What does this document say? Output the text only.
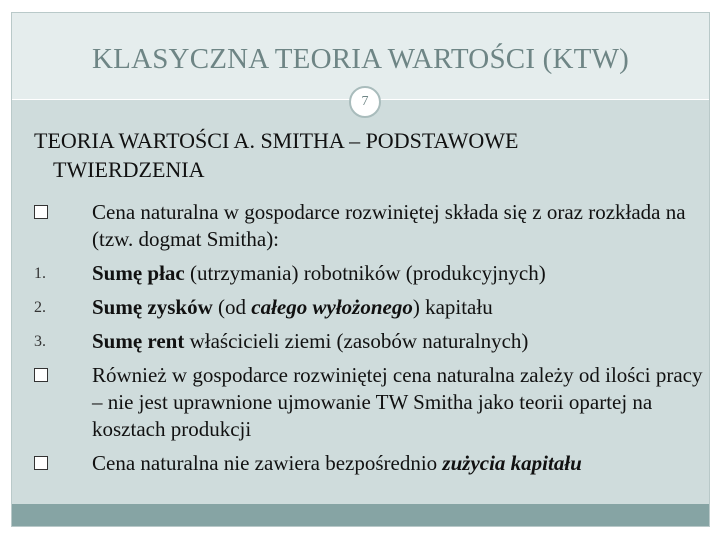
KLASYCZNA TEORIA WARTOŚCI (KTW)
7
TEORIA WARTOŚCI A. SMITHA – PODSTAWOWE
TWIERDZENIA
Cena naturalna w gospodarce rozwiniętej składa się z oraz rozkłada na (tzw. dogmat Smitha):
1.	Sumę płac (utrzymania) robotników (produkcyjnych)
2.	Sumę zysków (od całego wyłożonego) kapitału
3.	Sumę rent właścicieli ziemi (zasobów naturalnych)
Również w gospodarce rozwiniętej cena naturalna zależy od ilości pracy – nie jest uprawnione ujmowanie TW Smitha jako teorii opartej na kosztach produkcji
Cena naturalna nie zawiera bezpośrednio zużycia kapitału
